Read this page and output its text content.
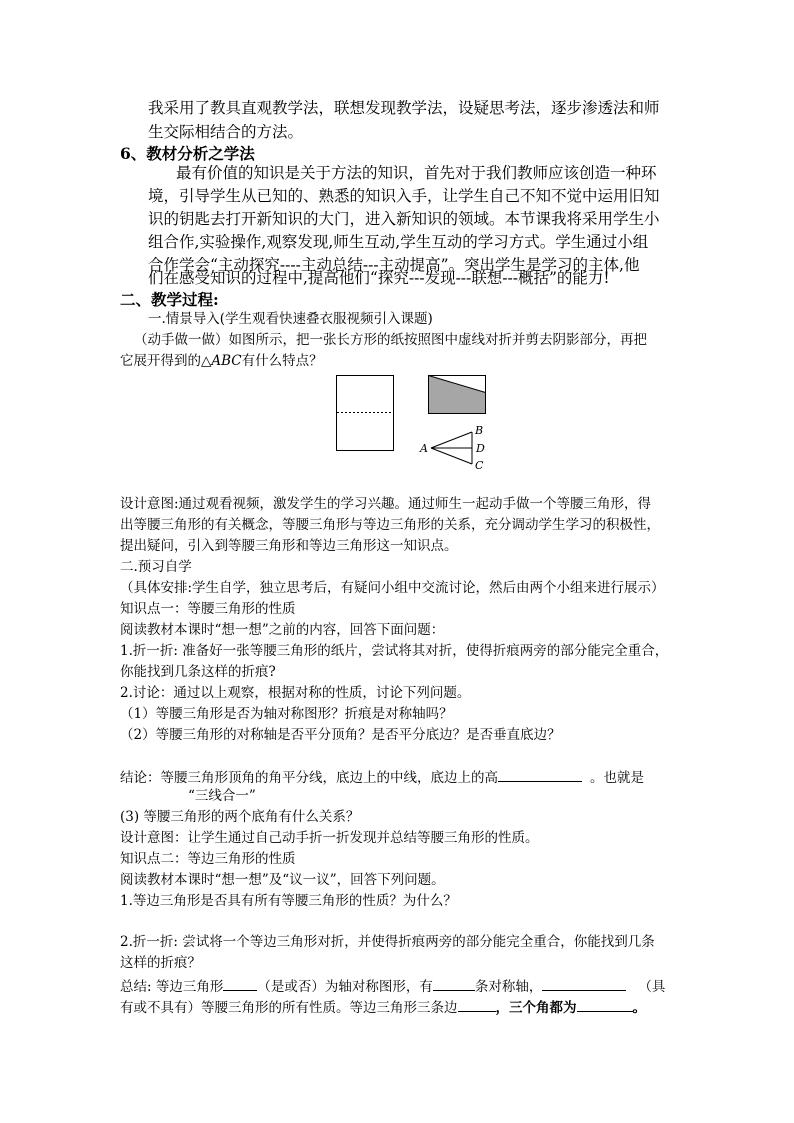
我采用了教具直观教学法，联想发现教学法，设疑思考法，逐步渗透法和师
生交际相结合的方法。
6、教材分析之学法
最有价值的知识是关于方法的知识，首先对于我们教师应该创造一种环
境，引导学生从已知的、熟悉的知识入手，让学生自己不知不觉中运用旧知
识的钥匙去打开新知识的大门，进入新知识的领域。本节课我将采用学生小
组合作,实验操作,观察发现,师生互动,学生互动的学习方式。学生通过小组
合作学会“主动探究----主动总结---主动提高”。突出学生是学习的主体,他
们在感受知识的过程中,提高他们“探究---发现---联想---概括”的能力!
二、教学过程:
一.情景导入(学生观看快速叠衣服视频引入课题)
（动手做一做）如图所示，把一张长方形的纸按照图中虚线对折并剪去阴影部分，再把
它展开得到的△ABC有什么特点？
A
B
D
C
设计意图:通过观看视频，激发学生的学习兴趣。通过师生一起动手做一个等腰三角形，得
出等腰三角形的有关概念，等腰三角形与等边三角形的关系，充分调动学生学习的积极性，
提出疑问，引入到等腰三角形和等边三角形这一知识点。
二.预习自学
（具体安排:学生自学，独立思考后，有疑问小组中交流讨论，然后由两个小组来进行展示）
知识点一：等腰三角形的性质
阅读教材本课时“想一想”之前的内容，回答下面问题：
1.折一折: 准备好一张等腰三角形的纸片，尝试将其对折，使得折痕两旁的部分能完全重合，
你能找到几条这样的折痕?
2.讨论：通过以上观察，根据对称的性质，讨论下列问题。
（1）等腰三角形是否为轴对称图形？折痕是对称轴吗？
（2）等腰三角形的对称轴是否平分顶角？是否平分底边？是否垂直底边？
结论：等腰三角形顶角的角平分线，底边上的中线，底边上的高	。也就是
“三线合一”
(3) 等腰三角形的两个底角有什么关系？
设计意图：让学生通过自己动手折一折发现并总结等腰三角形的性质。
知识点二：等边三角形的性质
阅读教材本课时“想一想”及“议一议”，回答下列问题。
1.等边三角形是否具有所有等腰三角形的性质？为什么？
2.折一折: 尝试将一个等边三角形对折，并使得折痕两旁的部分能完全重合，你能找到几条
这样的折痕？
总结: 等边三角形	（是或否）为轴对称图形，有	条对称轴，	（具
有或不具有）等腰三角形的所有性质。等边三角形三条边	，三个角都为	。
